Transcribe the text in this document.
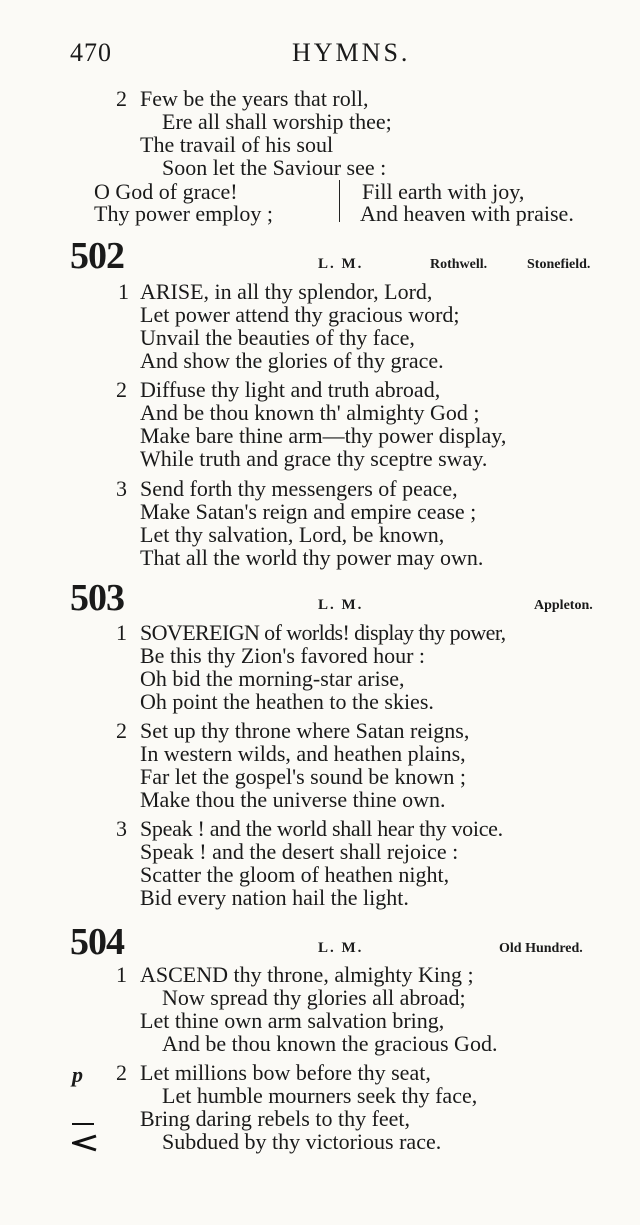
470	HYMNS.
2 Few be the years that roll,
Ere all shall worship thee;
The travail of his soul
Soon let the Saviour see :
O God of grace!
Thy power employ ;
Fill earth with joy,
And heaven with praise.
502	L. M.	Rothwell.	Stonefield.
1 ARISE, in all thy splendor, Lord,
Let power attend thy gracious word;
Unvail the beauties of thy face,
And show the glories of thy grace.
2 Diffuse thy light and truth abroad,
And be thou known th' almighty God ;
Make bare thine arm—thy power display,
While truth and grace thy sceptre sway.
3 Send forth thy messengers of peace,
Make Satan's reign and empire cease ;
Let thy salvation, Lord, be known,
That all the world thy power may own.
503	L. M.	Appleton.
1 SOVEREIGN of worlds! display thy power,
Be this thy Zion's favored hour :
Oh bid the morning-star arise,
Oh point the heathen to the skies.
2 Set up thy throne where Satan reigns,
In western wilds, and heathen plains,
Far let the gospel's sound be known ;
Make thou the universe thine own.
3 Speak ! and the world shall hear thy voice.
Speak ! and the desert shall rejoice :
Scatter the gloom of heathen night,
Bid every nation hail the light.
504	L. M.	Old Hundred.
1 ASCEND thy throne, almighty King ;
Now spread thy glories all abroad;
Let thine own arm salvation bring,
And be thou known the gracious God.
p 2 Let millions bow before thy seat,
Let humble mourners seek thy face,
Bring daring rebels to thy feet,
Subdued by thy victorious race.
